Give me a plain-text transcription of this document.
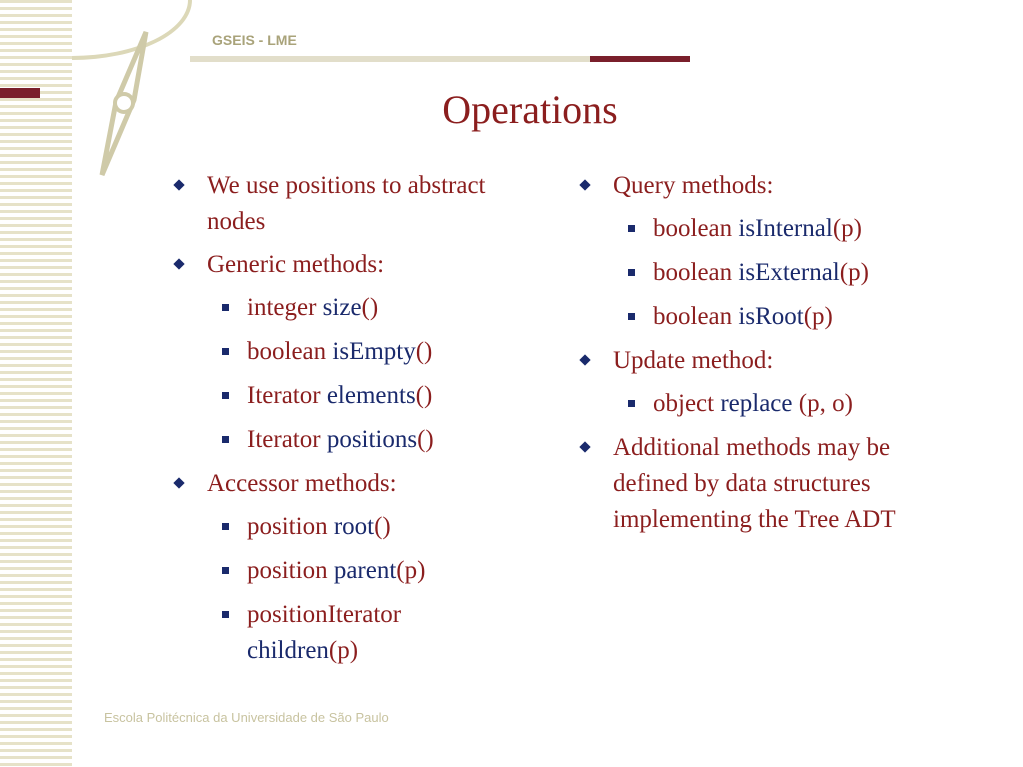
GSEIS - LME
Operations
We use positions to abstract nodes
Generic methods:
integer size()
boolean isEmpty()
Iterator elements()
Iterator positions()
Accessor methods:
position root()
position parent(p)
positionIterator children(p)
Query methods:
boolean isInternal(p)
boolean isExternal(p)
boolean isRoot(p)
Update method:
object replace (p, o)
Additional methods may be defined by data structures implementing the Tree ADT
Escola Politécnica da Universidade de São Paulo
